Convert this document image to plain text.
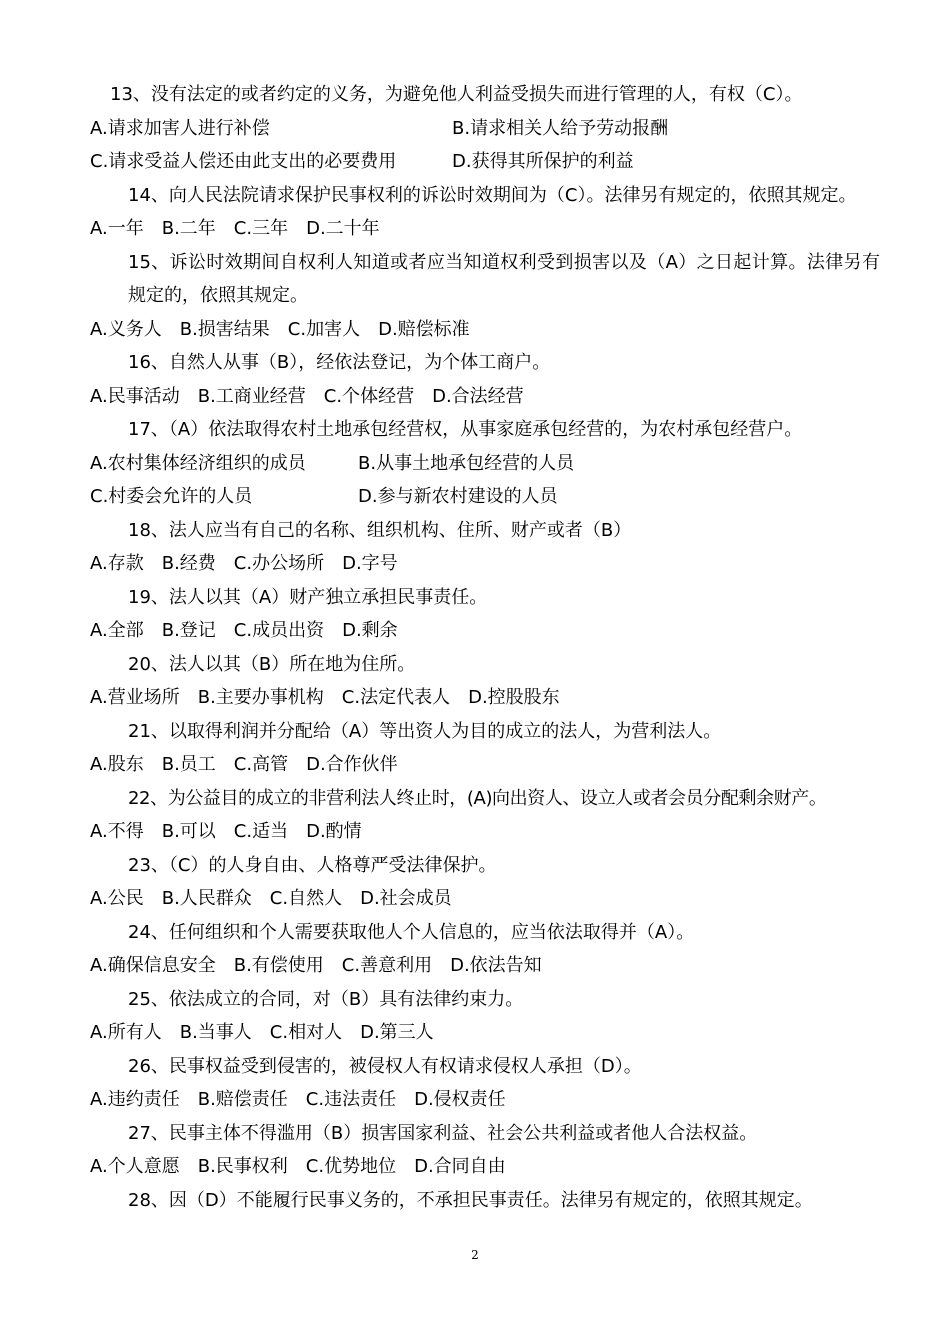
13、没有法定的或者约定的义务，为避免他人利益受损失而进行管理的人，有权（C）。
A.请求加害人进行补偿	B.请求相关人给予劳动报酬
C.请求受益人偿还由此支出的必要费用	D.获得其所保护的利益
14、向人民法院请求保护民事权利的诉讼时效期间为（C）。法律另有规定的，依照其规定。
A.一年 B.二年 C.三年 D.二十年
15、诉讼时效期间自权利人知道或者应当知道权利受到损害以及（A）之日起计算。法律另有规定的，依照其规定。
A.义务人 B.损害结果 C.加害人 D.赔偿标准
16、自然人从事（B），经依法登记，为个体工商户。
A.民事活动 B.工商业经营 C.个体经营 D.合法经营
17、（A）依法取得农村土地承包经营权，从事家庭承包经营的，为农村承包经营户。
A.农村集体经济组织的成员	B.从事土地承包经营的人员
C.村委会允许的人员	D.参与新农村建设的人员
18、法人应当有自己的名称、组织机构、住所、财产或者（B）
A.存款 B.经费 C.办公场所 D.字号
19、法人以其（A）财产独立承担民事责任。
A.全部 B.登记 C.成员出资 D.剩余
20、法人以其（B）所在地为住所。
A.营业场所 B.主要办事机构 C.法定代表人 D.控股股东
21、以取得利润并分配给（A）等出资人为目的成立的法人，为营利法人。
A.股东 B.员工 C.高管 D.合作伙伴
22、为公益目的成立的非营利法人终止时，(A)向出资人、设立人或者会员分配剩余财产。
A.不得 B.可以 C.适当 D.酌情
23、（C）的人身自由、人格尊严受法律保护。
A.公民 B.人民群众 C.自然人 D.社会成员
24、任何组织和个人需要获取他人个人信息的，应当依法取得并（A）。
A.确保信息安全 B.有偿使用 C.善意利用 D.依法告知
25、依法成立的合同，对（B）具有法律约束力。
A.所有人 B.当事人 C.相对人 D.第三人
26、民事权益受到侵害的，被侵权人有权请求侵权人承担（D）。
A.违约责任 B.赔偿责任 C.违法责任 D.侵权责任
27、民事主体不得滥用（B）损害国家利益、社会公共利益或者他人合法权益。
A.个人意愿 B.民事权利 C.优势地位 D.合同自由
28、因（D）不能履行民事义务的，不承担民事责任。法律另有规定的，依照其规定。
2
